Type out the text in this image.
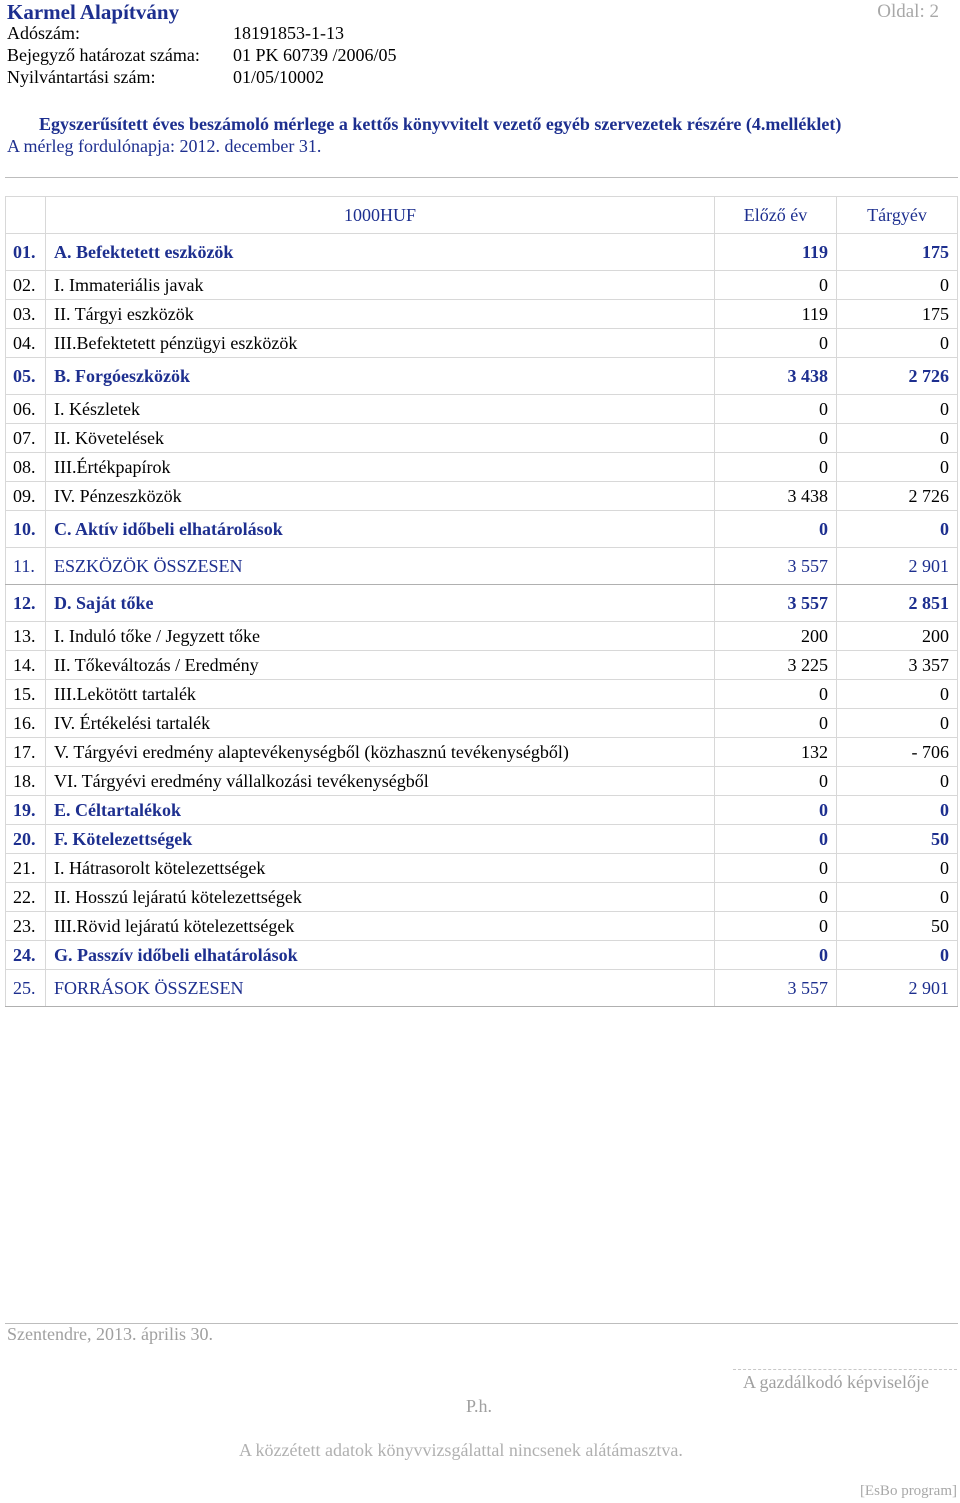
Karmel Alapítvány	Oldal: 2
Adószám:	18191853-1-13
Bejegyző határozat száma: 01 PK 60739 /2006/05
Nyilvántartási szám:	01/05/10002
Egyszerűsített éves beszámoló mérlege a kettős könyvvitelt vezető egyéb szervezetek részére (4.melléklet)
A mérleg fordulónapja: 2012. december 31.
	1000HUF	Előző év	Tárgyév
01.	A. Befektetett eszközök	119	175
02.	I. Immateriális javak	0	0
03.	II. Tárgyi eszközök	119	175
04.	III.Befektetett pénzügyi eszközök	0	0
05.	B. Forgóeszközök	3 438	2 726
06.	I. Készletek	0	0
07.	II. Követelések	0	0
08.	III.Értékpapírok	0	0
09.	IV. Pénzeszközök	3 438	2 726
10.	C. Aktív időbeli elhatárolások	0	0
11.	ESZKÖZÖK ÖSSZESEN	3 557	2 901
12.	D. Saját tőke	3 557	2 851
13.	I. Induló tőke / Jegyzett tőke	200	200
14.	II. Tőkeváltozás / Eredmény	3 225	3 357
15.	III.Lekötött tartalék	0	0
16.	IV. Értékelési tartalék	0	0
17.	V. Tárgyévi eredmény alaptevékenységből (közhasznú tevékenységből)	132	- 706
18.	VI. Tárgyévi eredmény vállalkozási tevékenységből	0	0
19.	E. Céltartalékok	0	0
20.	F. Kötelezettségek	0	50
21.	I. Hátrasorolt kötelezettségek	0	0
22.	II. Hosszú lejáratú kötelezettségek	0	0
23.	III.Rövid lejáratú kötelezettségek	0	50
24.	G. Passzív időbeli elhatárolások	0	0
25.	FORRÁSOK ÖSSZESEN	3 557	2 901
Szentendre, 2013. április 30.
A gazdálkodó képviselője
P.h.
A közzétett adatok könyvvizsgálattal nincsenek alátámasztva.
[EsBo program]
